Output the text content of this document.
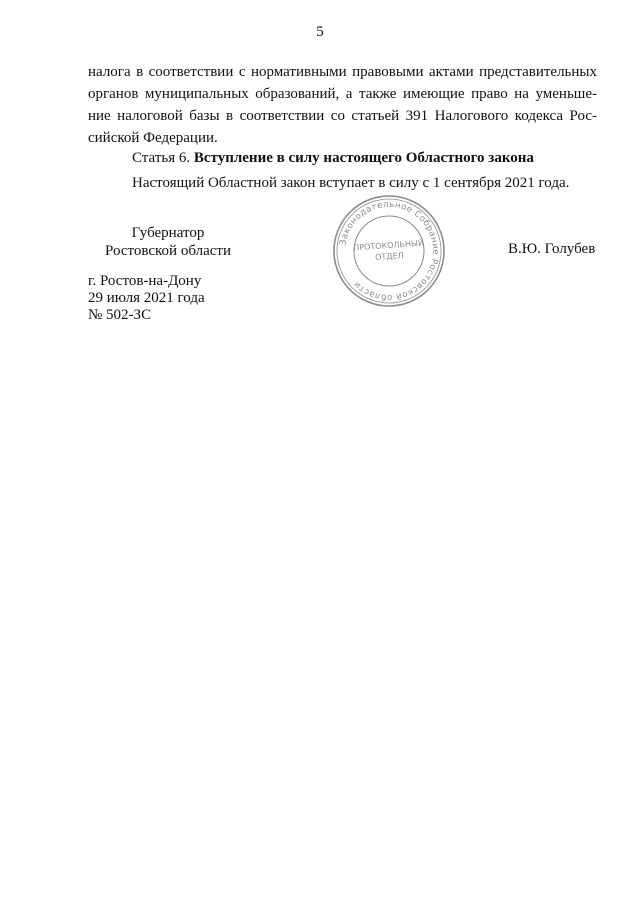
5
налога в соответствии с нормативными правовыми актами представительных
органов муниципальных образований, а также имеющие право на уменьше-
ние налоговой базы в соответствии со статьей 391 Налогового кодекса Рос-
сийской Федерации.
Статья 6. Вступление в силу настоящего Областного закона
Настоящий Областной закон вступает в силу с 1 сентября 2021 года.
Губернатор
Ростовской области	В.Ю. Голубев
Законодательное Собрание Ростовской области
ПРОТОКОЛЬНЫЙ
ОТДЕЛ
г. Ростов-на-Дону
29 июля 2021 года
№ 502-ЗС
